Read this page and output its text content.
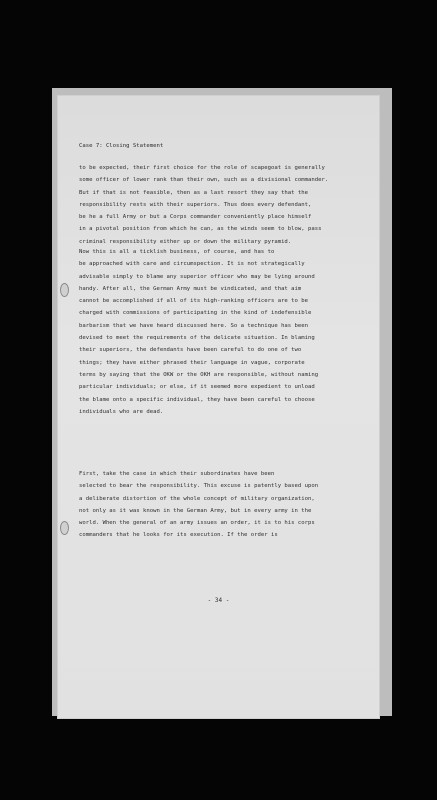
Case 7: Closing Statement

to be expected, their first choice for the role of scapegoat is generally
some officer of lower rank than their own, such as a divisional commander.
But if that is not feasible, then as a last resort they say that the
responsibility rests with their superiors. Thus does every defendant,
be he a full Army or but a Corps commander conveniently place himself
in a pivotal position from which he can, as the winds seem to blow, pass
criminal responsibility either up or down the military pyramid.

Now this is all a ticklish business, of course, and has to
be approached with care and circumspection. It is not strategically
advisable simply to blame any superior officer who may be lying around
handy. After all, the German Army must be vindicated, and that aim
cannot be accomplished if all of its high-ranking officers are to be
charged with commissions of participating in the kind of indefensible
barbarism that we have heard discussed here. So a technique has been
devised to meet the requirements of the delicate situation. In blaming
their superiors, the defendants have been careful to do one of two
things; they have either phrased their language in vague, corporate
terms by saying that the OKW or the OKH are responsible, without naming
particular individuals; or else, if it seemed more expedient to unload
the blame onto a specific individual, they have been careful to choose
individuals who are dead.

First, take the case in which their subordinates have been
selected to bear the responsibility. This excuse is patently based upon
a deliberate distortion of the whole concept of military organization,
not only as it was known in the German Army, but in every army in the
world. When the general of an army issues an order, it is to his corps
commanders that he looks for its execution. If the order is

- 34 -
